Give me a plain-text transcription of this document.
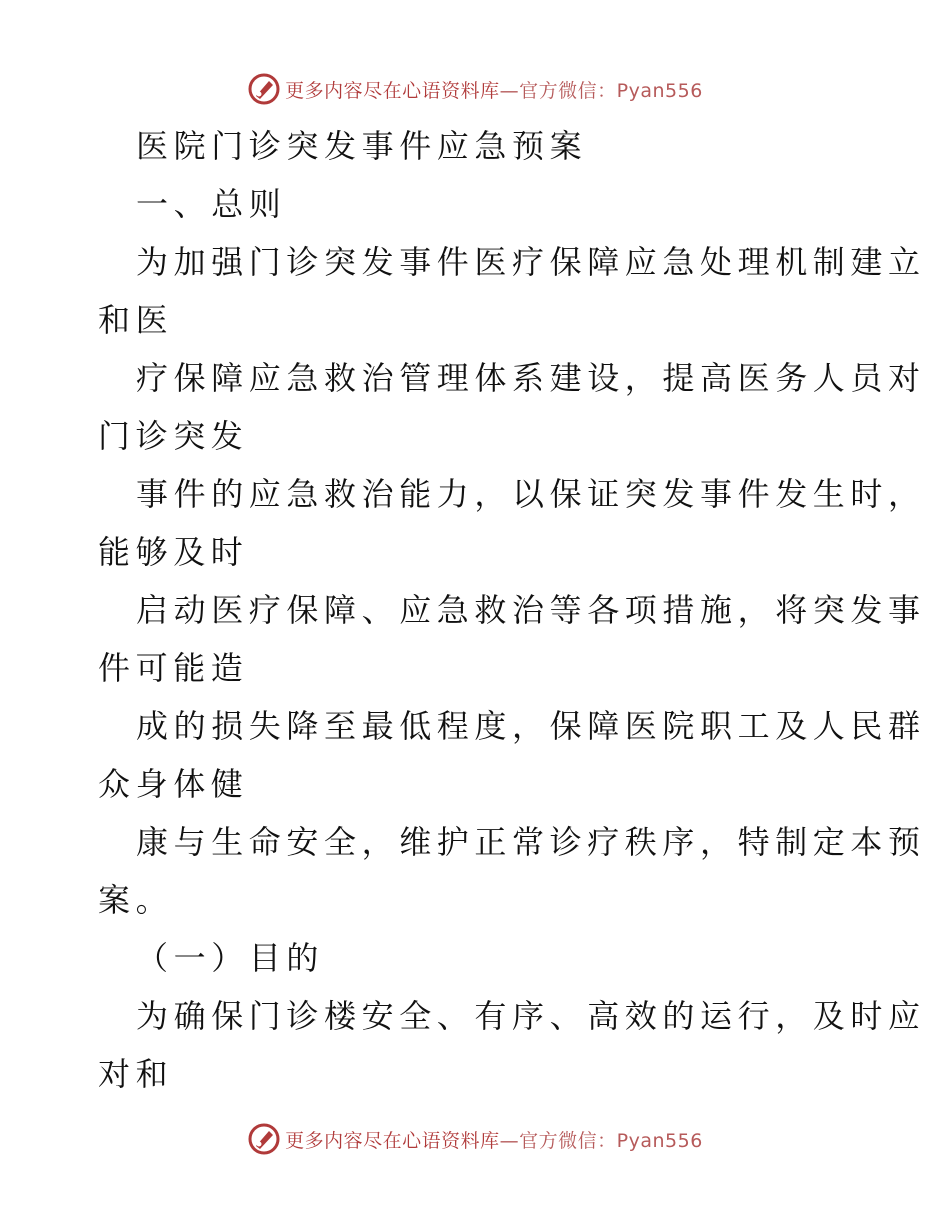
更多内容尽在心语资料库 —官方微信：Pyan556
医院门诊突发事件应急预案
一、总则
为加强门诊突发事件医疗保障应急处理机制建立
和医
疗保障应急救治管理体系建设，提高医务人员对
门诊突发
事件的应急救治能力，以保证突发事件发生时，
能够及时
启动医疗保障、应急救治等各项措施，将突发事
件可能造
成的损失降至最低程度，保障医院职工及人民群
众身体健
康与生命安全，维护正常诊疗秩序，特制定本预
案。
（一）目的
为确保门诊楼安全、有序、高效的运行，及时应
对和
更多内容尽在心语资料库 —官方微信：Pyan556
